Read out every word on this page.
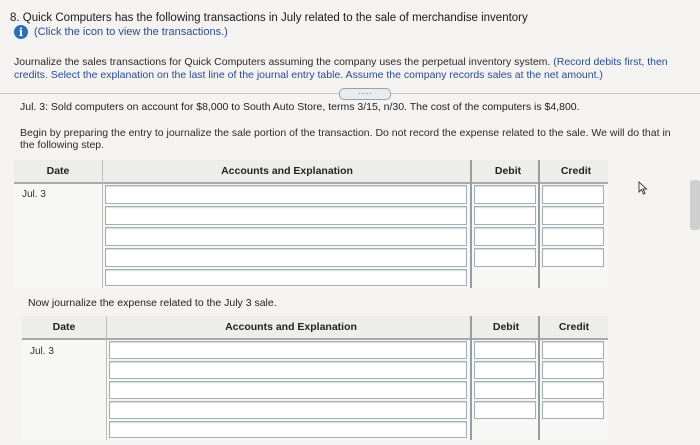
8. Quick Computers has the following transactions in July related to the sale of merchandise inventory
i (Click the icon to view the transactions.)
Journalize the sales transactions for Quick Computers assuming the company uses the perpetual inventory system. (Record debits first, then credits. Select the explanation on the last line of the journal entry table. Assume the company records sales at the net amount.)
·····
Jul. 3: Sold computers on account for $8,000 to South Auto Store, terms 3/15, n/30. The cost of the computers is $4,800.
Begin by preparing the entry to journalize the sale portion of the transaction. Do not record the expense related to the sale. We will do that in the following step.
Date	Accounts and Explanation	Debit	Credit
Jul. 3
Now journalize the expense related to the July 3 sale.
Date	Accounts and Explanation	Debit	Credit
Jul. 3
